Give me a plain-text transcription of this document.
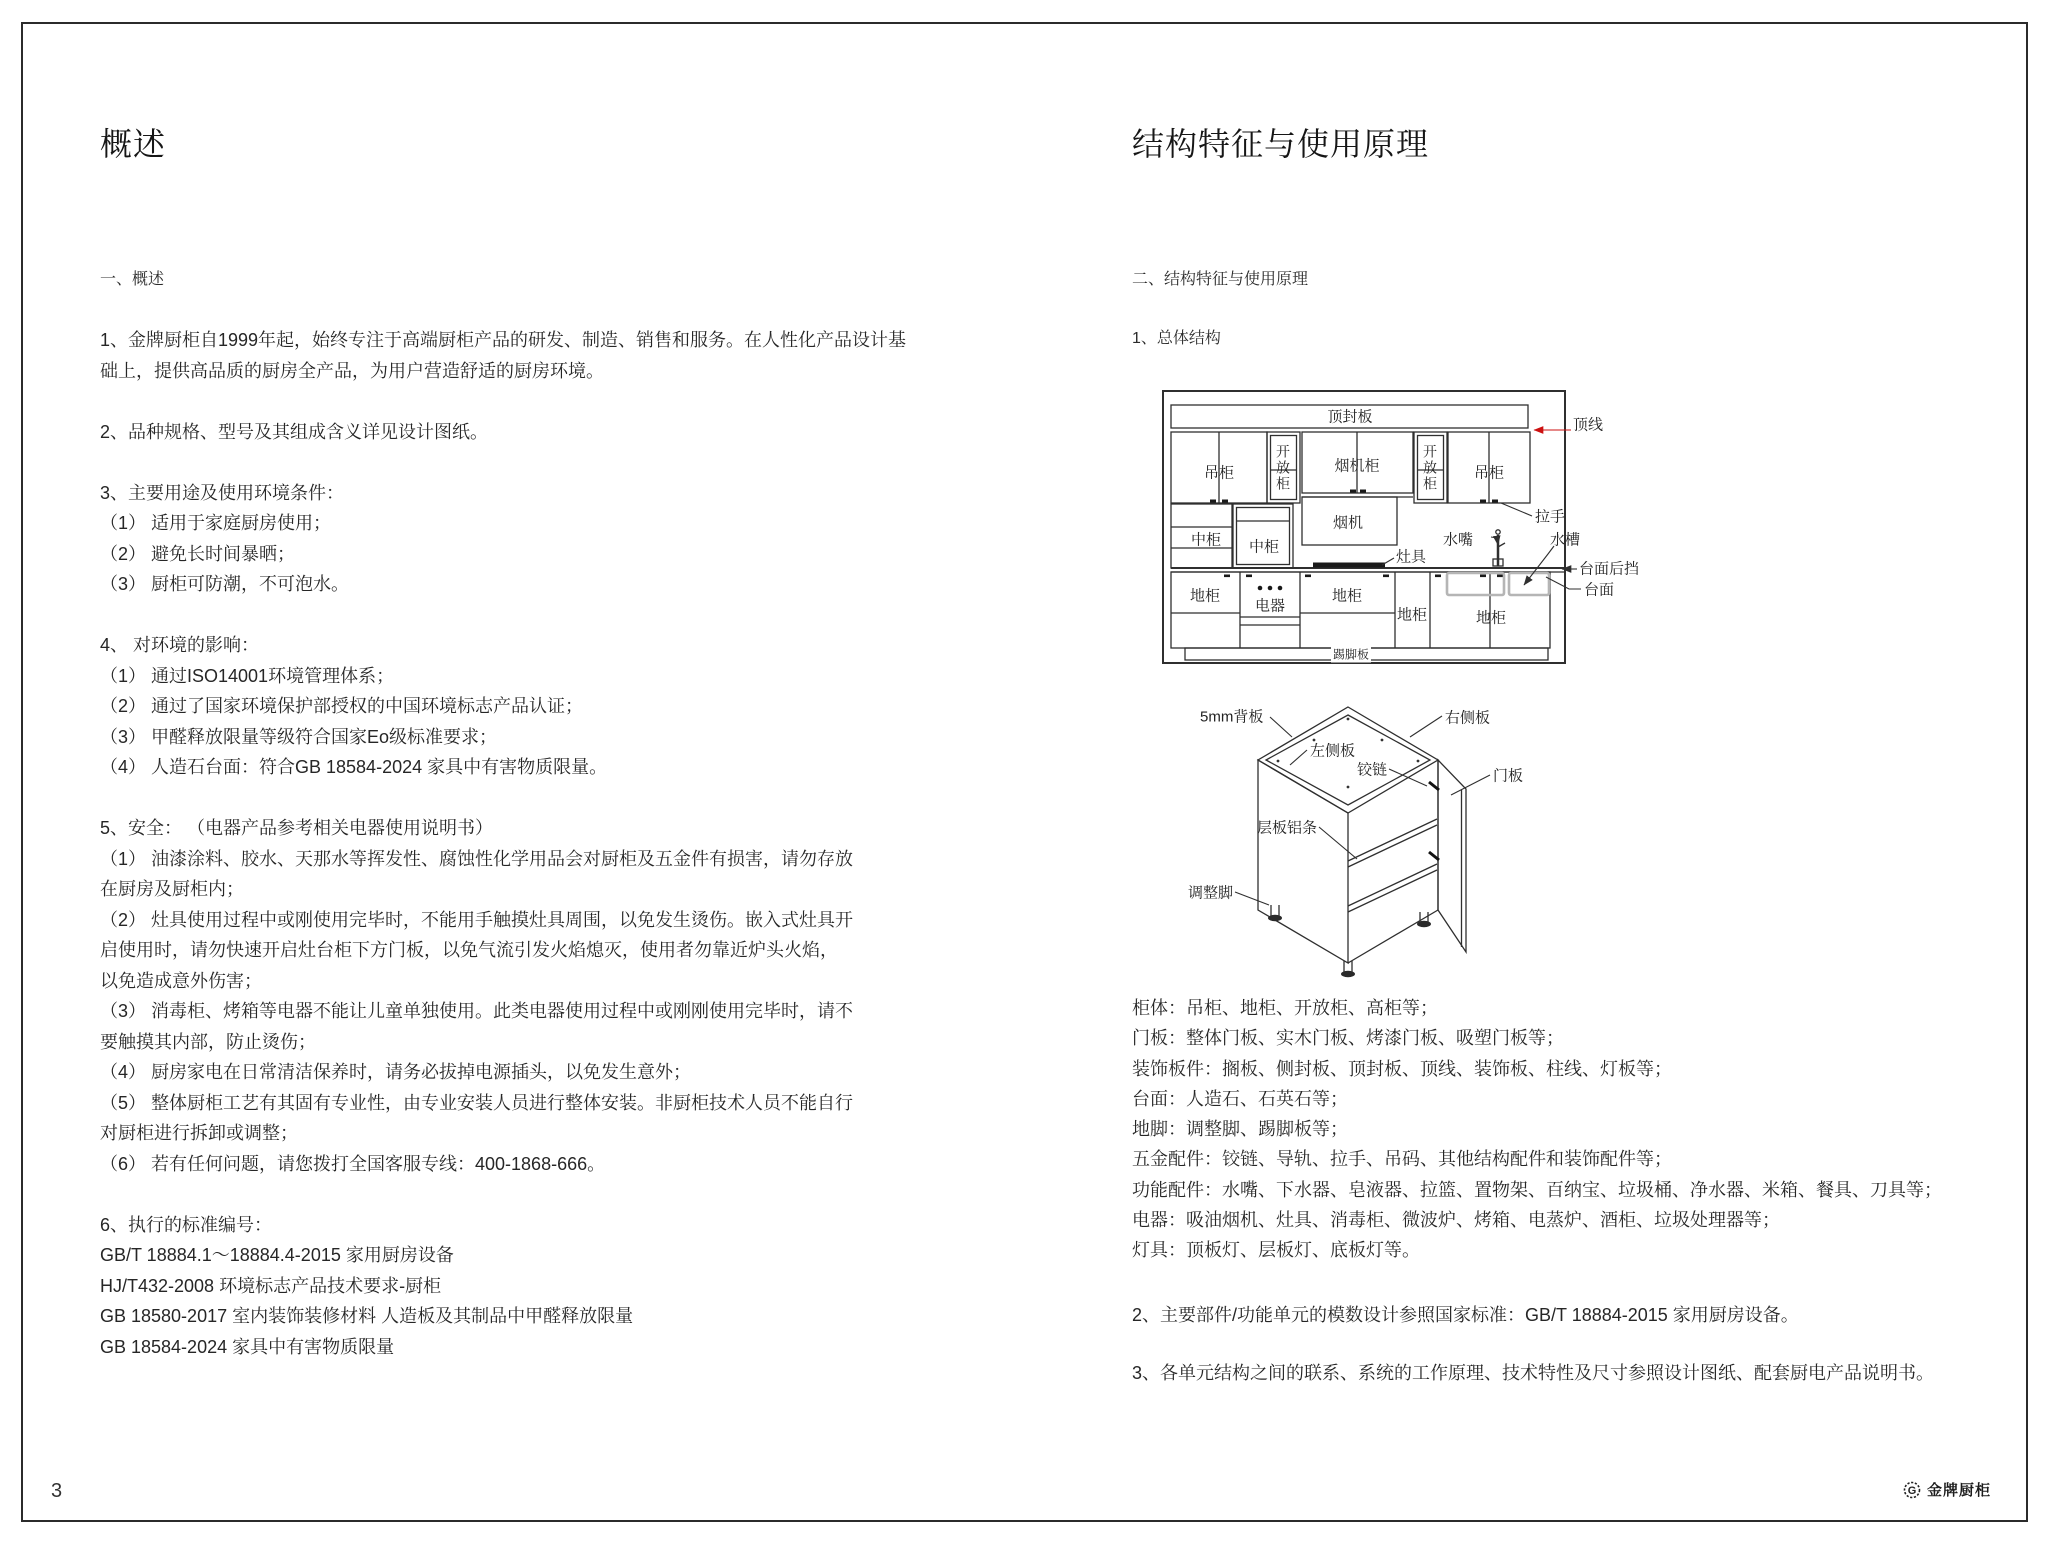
概述
一、概述
1、金牌厨柜自1999年起，始终专注于高端厨柜产品的研发、制造、销售和服务。在人性化产品设计基
础上，提供高品质的厨房全产品，为用户营造舒适的厨房环境。
2、品种规格、型号及其组成含义详见设计图纸。
3、主要用途及使用环境条件：
（1） 适用于家庭厨房使用；
（2） 避免长时间暴晒；
（3） 厨柜可防潮，不可泡水。
4、 对环境的影响：
（1） 通过ISO14001环境管理体系；
（2） 通过了国家环境保护部授权的中国环境标志产品认证；
（3） 甲醛释放限量等级符合国家Eo级标准要求；
（4） 人造石台面：符合GB 18584-2024 家具中有害物质限量。
5、安全： （电器产品参考相关电器使用说明书）
（1） 油漆涂料、胶水、天那水等挥发性、腐蚀性化学用品会对厨柜及五金件有损害，请勿存放
在厨房及厨柜内；
（2） 灶具使用过程中或刚使用完毕时，不能用手触摸灶具周围，以免发生烫伤。嵌入式灶具开
启使用时，请勿快速开启灶台柜下方门板，以免气流引发火焰熄灭，使用者勿靠近炉头火焰，
以免造成意外伤害；
（3） 消毒柜、烤箱等电器不能让儿童单独使用。此类电器使用过程中或刚刚使用完毕时，请不
要触摸其内部，防止烫伤；
（4） 厨房家电在日常清洁保养时，请务必拔掉电源插头，以免发生意外；
（5） 整体厨柜工艺有其固有专业性，由专业安装人员进行整体安装。非厨柜技术人员不能自行
对厨柜进行拆卸或调整；
（6） 若有任何问题，请您拨打全国客服专线：400-1868-666。
6、执行的标准编号：
GB/T 18884.1～18884.4-2015 家用厨房设备
HJ/T432-2008 环境标志产品技术要求-厨柜
GB 18580-2017 室内装饰装修材料 人造板及其制品中甲醛释放限量
GB 18584-2024 家具中有害物质限量
结构特征与使用原理
二、结构特征与使用原理
1、总体结构
顶封板	顶线
吊柜	开放柜	烟机柜	开放柜 吊柜
拉手
中柜 中柜
烟机
灶具
水嘴	水槽
台面后挡
台面
地柜
电器
地柜
地柜	地柜
踢脚板
5mm背板	右侧板
左侧板
铰链	门板
层板铝条
调整脚
柜体：吊柜、地柜、开放柜、高柜等；
门板：整体门板、实木门板、烤漆门板、吸塑门板等；
装饰板件：搁板、侧封板、顶封板、顶线、装饰板、柱线、灯板等；
台面：人造石、石英石等；
地脚：调整脚、踢脚板等；
五金配件：铰链、导轨、拉手、吊码、其他结构配件和装饰配件等；
功能配件：水嘴、下水器、皂液器、拉篮、置物架、百纳宝、垃圾桶、净水器、米箱、餐具、刀具等；
电器：吸油烟机、灶具、消毒柜、微波炉、烤箱、电蒸炉、酒柜、垃圾处理器等；
灯具：顶板灯、层板灯、底板灯等。
2、主要部件/功能单元的模数设计参照国家标准：GB/T 18884-2015 家用厨房设备。
3、各单元结构之间的联系、系统的工作原理、技术特性及尺寸参照设计图纸、配套厨电产品说明书。
3	G 金牌厨柜
